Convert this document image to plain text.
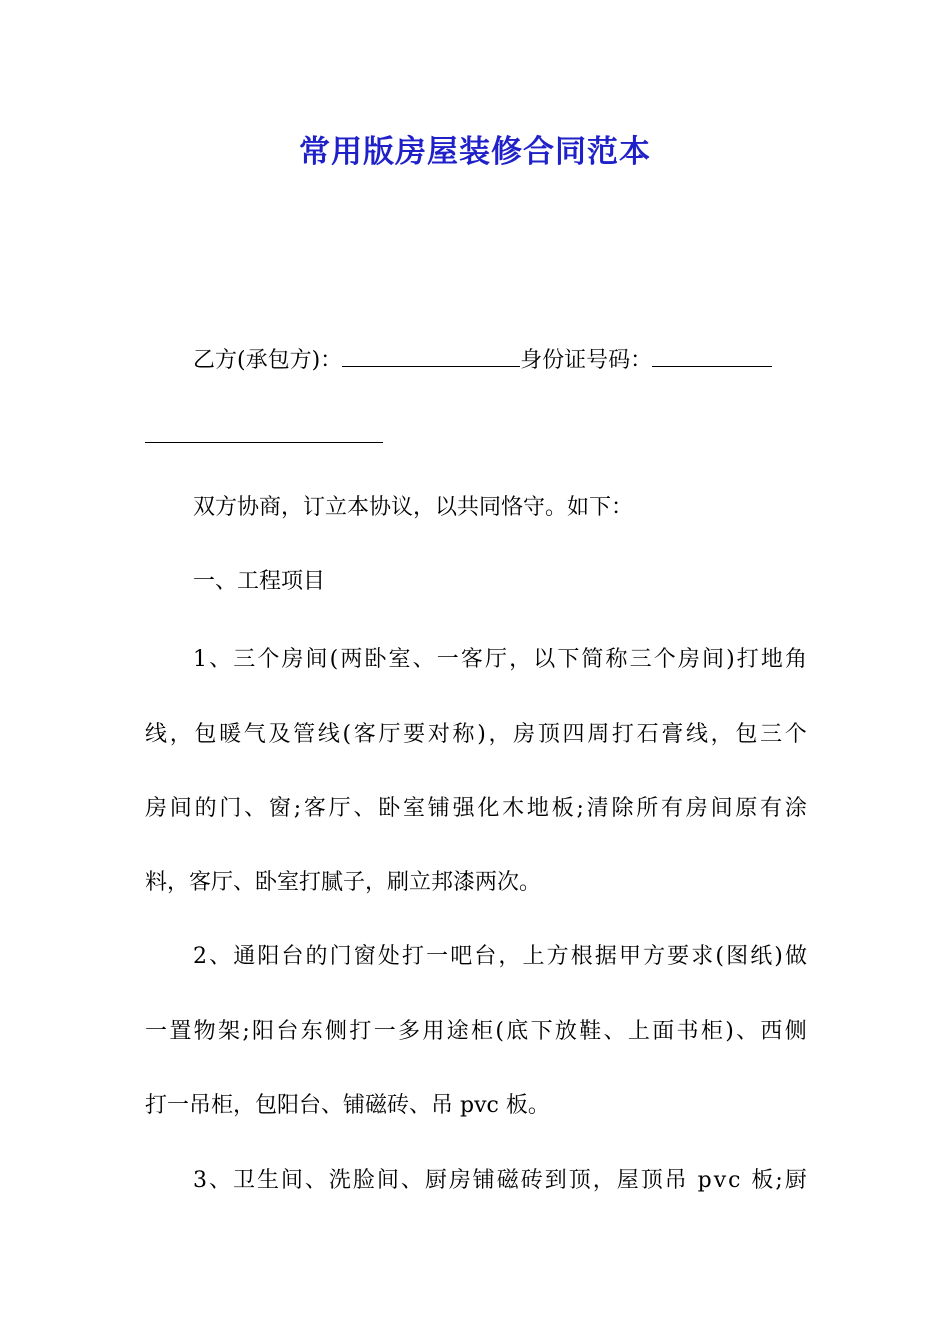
常用版房屋装修合同范本
乙方(承包方)：	身份证号码：
双方协商，订立本协议，以共同恪守。如下：
一、工程项目
1 、 三 个 房 间 ( 两 卧 室 、 一 客 厅 ， 以 下 简 称 三 个 房 间 ) 打 地 角
线 ， 包 暖 气 及 管 线 ( 客 厅 要 对 称 ) ， 房 顶 四 周 打 石 膏 线 ， 包 三 个
房 间 的 门 、 窗 ; 客 厅 、 卧 室 铺 强 化 木 地 板 ; 清 除 所 有 房 间 原 有 涂
料，客厅、卧室打腻子，刷立邦漆两次。
2 、 通 阳 台 的 门 窗 处 打 一 吧 台 ， 上 方 根 据 甲 方 要 求 ( 图 纸 ) 做
一 置 物 架 ; 阳 台 东 侧 打 一 多 用 途 柜 ( 底 下 放 鞋 、 上 面 书 柜 ) 、 西 侧
打一吊柜，包阳台、铺磁砖、吊 pvc 板。
3 、 卫 生 间 、 洗 脸 间 、 厨 房 铺 磁 砖 到 顶 ， 屋 顶 吊
p v c
板 ; 厨
